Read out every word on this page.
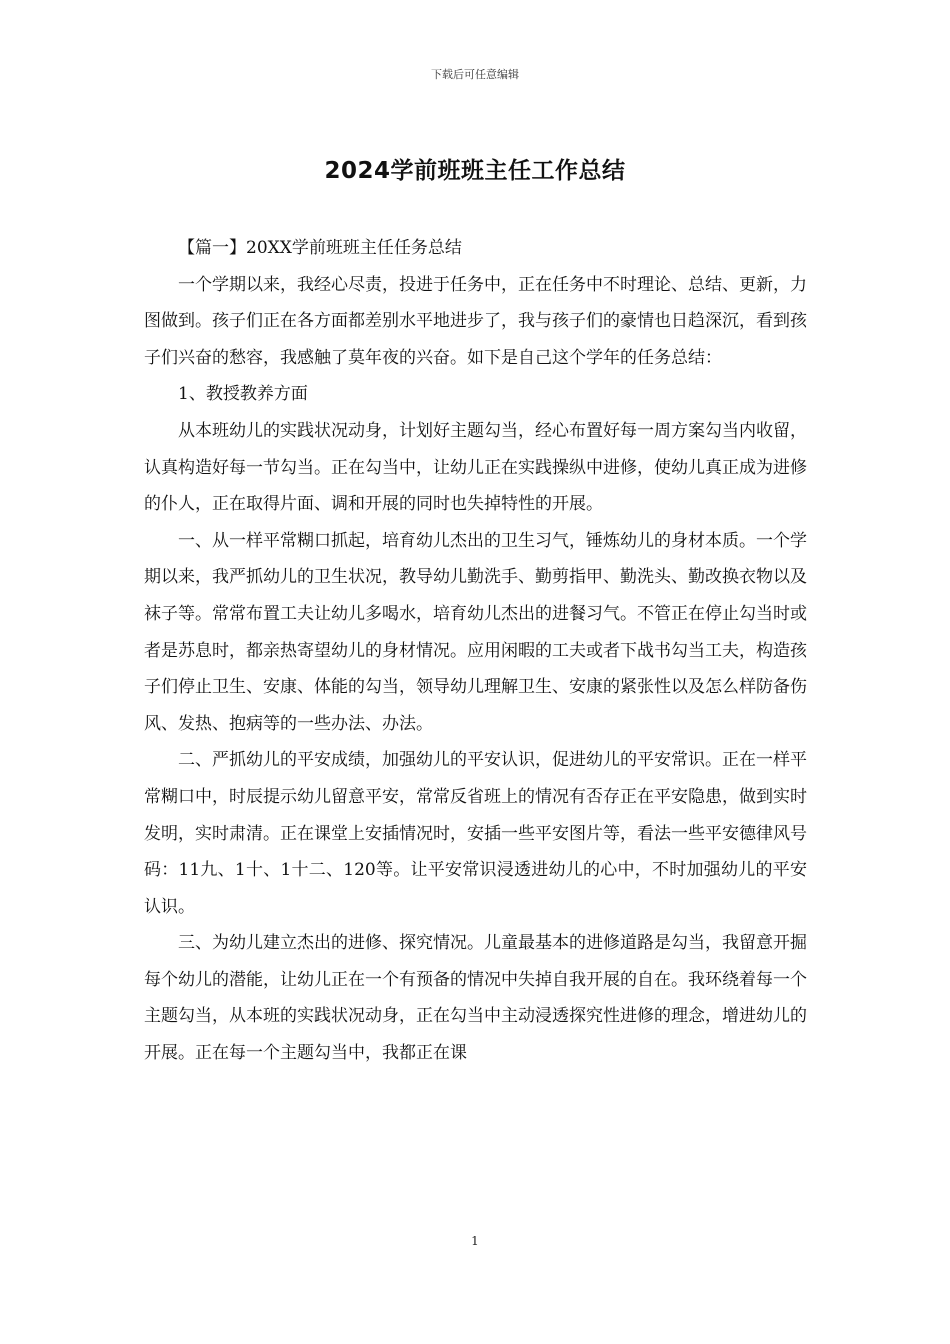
下载后可任意编辑
2024学前班班主任工作总结

【篇一】20XX学前班班主任任务总结

一个学期以来，我经心尽责，投进于任务中，正在任务中不时理论、总结、更新，力图做到。孩子们正在各方面都差别水平地进步了，我与孩子们的豪情也日趋深沉，看到孩子们兴奋的愁容，我感触了莫年夜的兴奋。如下是自己这个学年的任务总结：

1、教授教养方面

从本班幼儿的实践状况动身，计划好主题勾当，经心布置好每一周方案勾当内收留，认真构造好每一节勾当。正在勾当中，让幼儿正在实践操纵中进修，使幼儿真正成为进修的仆人，正在取得片面、调和开展的同时也失掉特性的开展。

一、从一样平常糊口抓起，培育幼儿杰出的卫生习气，锤炼幼儿的身材本质。一个学期以来，我严抓幼儿的卫生状况，教导幼儿勤洗手、勤剪指甲、勤洗头、勤改换衣物以及袜子等。常常布置工夫让幼儿多喝水，培育幼儿杰出的进餐习气。不管正在停止勾当时或者是苏息时，都亲热寄望幼儿的身材情况。应用闲暇的工夫或者下战书勾当工夫，构造孩子们停止卫生、安康、体能的勾当，领导幼儿理解卫生、安康的紧张性以及怎么样防备伤风、发热、抱病等的一些办法、办法。

二、严抓幼儿的平安成绩，加强幼儿的平安认识，促进幼儿的平安常识。正在一样平常糊口中，时辰提示幼儿留意平安，常常反省班上的情况有否存正在平安隐患，做到实时发明，实时肃清。正在课堂上安插情况时，安插一些平安图片等，看法一些平安德律风号码：11九、1十、1十二、120等。让平安常识浸透进幼儿的心中，不时加强幼儿的平安认识。

三、为幼儿建立杰出的进修、探究情况。儿童最基本的进修道路是勾当，我留意开掘每个幼儿的潜能，让幼儿正在一个有预备的情况中失掉自我开展的自在。我环绕着每一个主题勾当，从本班的实践状况动身，正在勾当中主动浸透探究性进修的理念，增进幼儿的开展。正在每一个主题勾当中，我都正在课

1
